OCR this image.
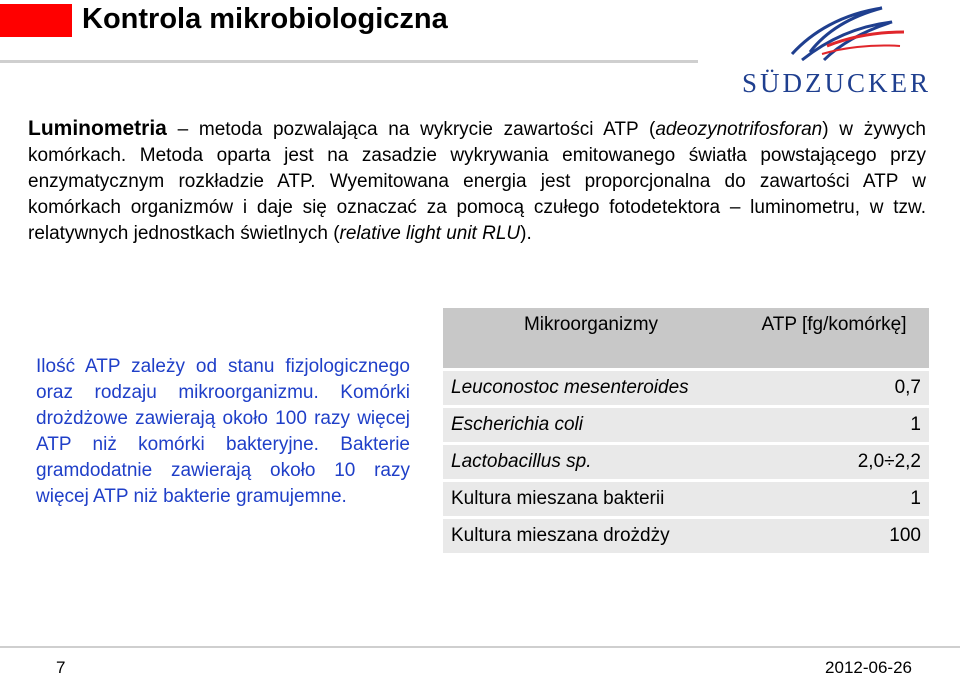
Kontrola mikrobiologiczna
SÜDZUCKER
Luminometria – metoda pozwalająca na wykrycie zawartości ATP (adeozynotrifosforan) w żywych komórkach. Metoda oparta jest na zasadzie wykrywania emitowanego światła powstającego przy enzymatycznym rozkładzie ATP. Wyemitowana energia jest proporcjonalna do zawartości ATP w komórkach organizmów i daje się oznaczać za pomocą czułego fotodetektora – luminometru, w tzw. relatywnych jednostkach świetlnych (relative light unit RLU).
Ilość ATP zależy od stanu fizjologicznego oraz rodzaju mikroorganizmu. Komórki drożdżowe zawierają około 100 razy więcej ATP niż komórki bakteryjne. Bakterie gramdodatnie zawierają około 10 razy więcej ATP niż bakterie gramujemne.
Mikroorganizmy	ATP [fg/komórkę]
Leuconostoc mesenteroides	0,7
Escherichia coli	1
Lactobacillus sp.	2,0÷2,2
Kultura mieszana bakterii	1
Kultura mieszana drożdży	100
7	2012-06-26
